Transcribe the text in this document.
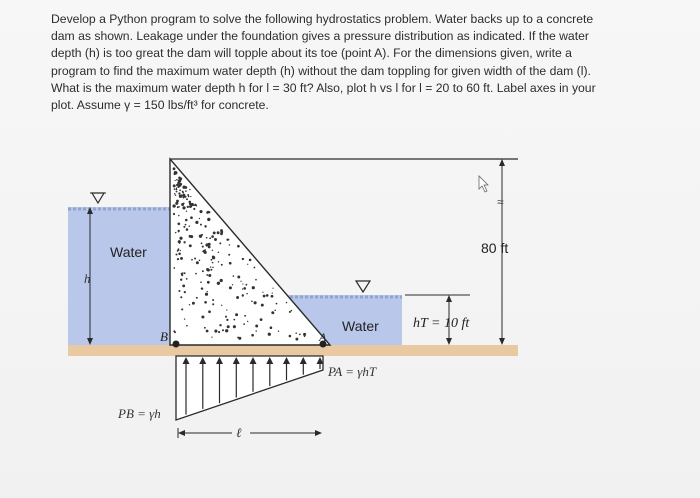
Develop a Python program to solve the following hydrostatics problem. Water backs up to a concrete

dam as shown. Leakage under the foundation gives a pressure distribution as indicated. If the water

depth (h) is too great the dam will topple about its toe (point A). For the dimensions given, write a

program to find the maximum water depth (h) without the dam toppling for given width of the dam (l).

What is the maximum water depth h for l = 30 ft? Also, plot h vs l for l = 20 to 60 ft. Label axes in your

plot. Assume γ = 150 lbs/ft³ for concrete.

h
Water
Water
80 ft
≈
hT = 10 ft
B	A
PA = γhT
PB = γh
ℓ
